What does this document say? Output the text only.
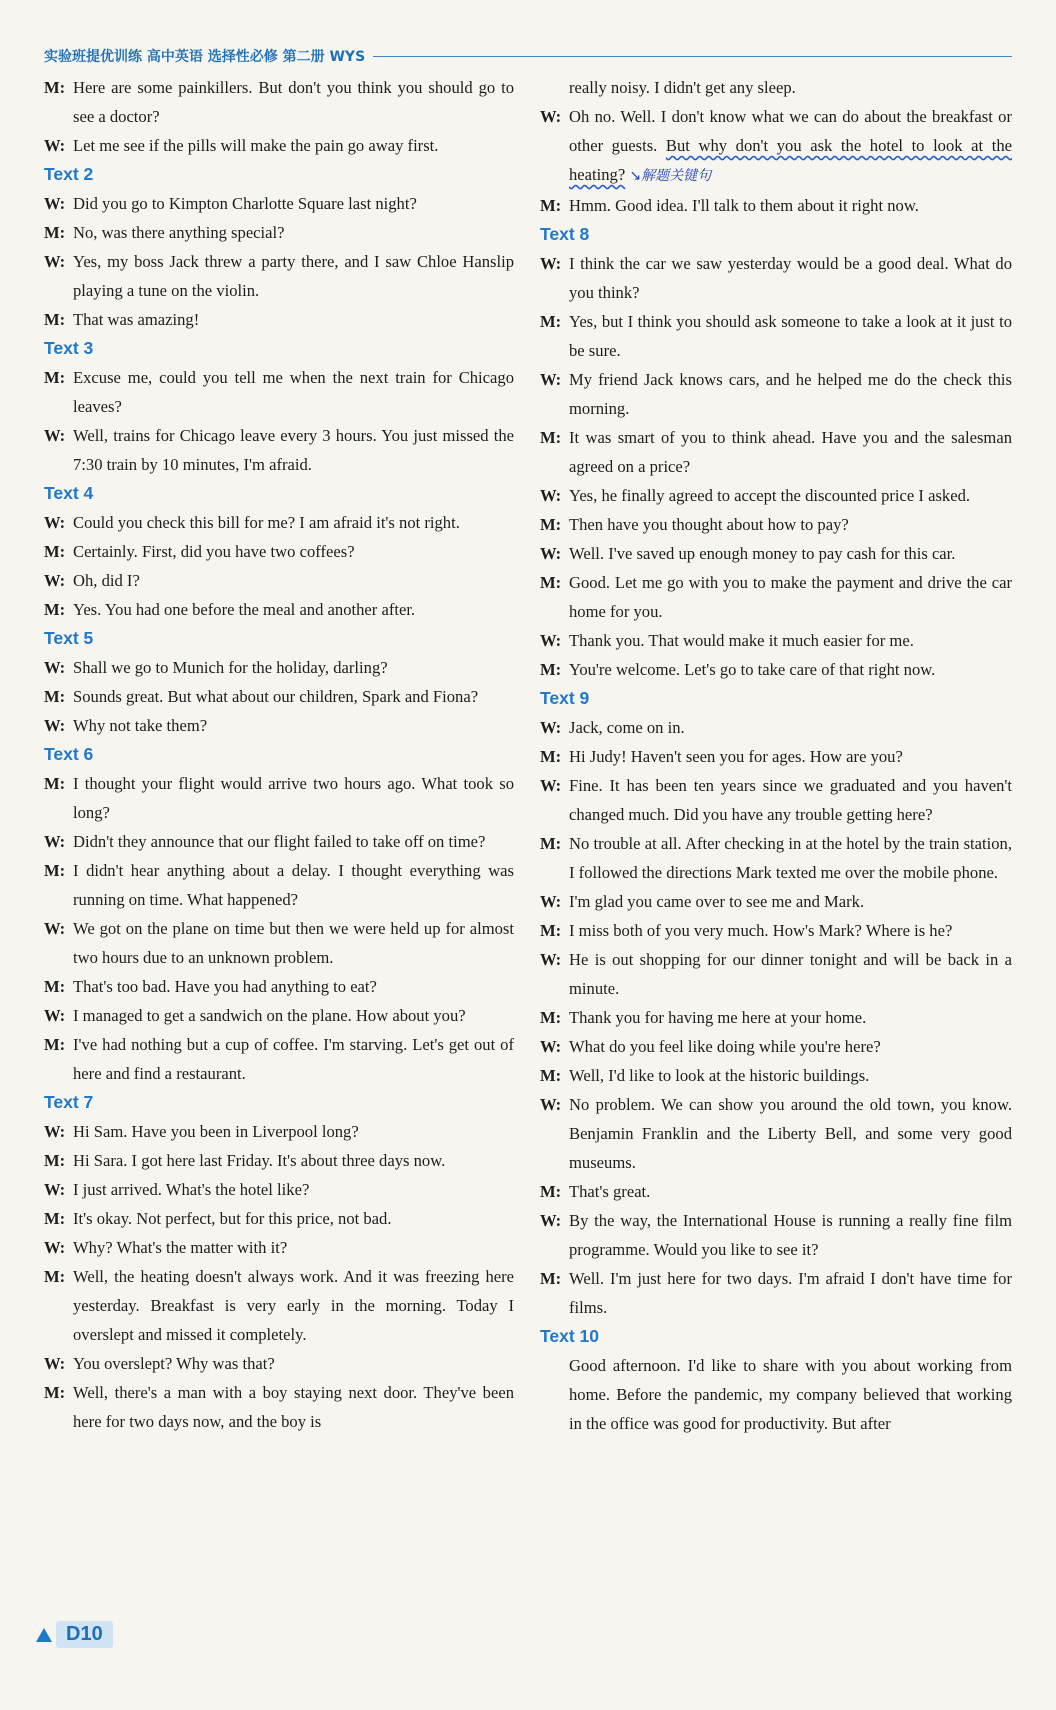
实验班提优训练 高中英语 选择性必修 第二册 WYS
M: Here are some painkillers. But don't you think you should go to see a doctor?
W: Let me see if the pills will make the pain go away first.
Text 2
W: Did you go to Kimpton Charlotte Square last night?
M: No, was there anything special?
W: Yes, my boss Jack threw a party there, and I saw Chloe Hanslip playing a tune on the violin.
M: That was amazing!
Text 3
M: Excuse me, could you tell me when the next train for Chicago leaves?
W: Well, trains for Chicago leave every 3 hours. You just missed the 7:30 train by 10 minutes, I'm afraid.
Text 4
W: Could you check this bill for me? I am afraid it's not right.
M: Certainly. First, did you have two coffees?
W: Oh, did I?
M: Yes. You had one before the meal and another after.
Text 5
W: Shall we go to Munich for the holiday, darling?
M: Sounds great. But what about our children, Spark and Fiona?
W: Why not take them?
Text 6
M: I thought your flight would arrive two hours ago. What took so long?
W: Didn't they announce that our flight failed to take off on time?
M: I didn't hear anything about a delay. I thought everything was running on time. What happened?
W: We got on the plane on time but then we were held up for almost two hours due to an unknown problem.
M: That's too bad. Have you had anything to eat?
W: I managed to get a sandwich on the plane. How about you?
M: I've had nothing but a cup of coffee. I'm starving. Let's get out of here and find a restaurant.
Text 7
W: Hi Sam. Have you been in Liverpool long?
M: Hi Sara. I got here last Friday. It's about three days now.
W: I just arrived. What's the hotel like?
M: It's okay. Not perfect, but for this price, not bad.
W: Why? What's the matter with it?
M: Well, the heating doesn't always work. And it was freezing here yesterday. Breakfast is very early in the morning. Today I overslept and missed it completely.
W: You overslept? Why was that?
M: Well, there's a man with a boy staying next door. They've been here for two days now, and the boy is
really noisy. I didn't get any sleep.
W: Oh no. Well. I don't know what we can do about the breakfast or other guests. But why don't you ask the hotel to look at the heating? ↘解题关键句
M: Hmm. Good idea. I'll talk to them about it right now.
Text 8
W: I think the car we saw yesterday would be a good deal. What do you think?
M: Yes, but I think you should ask someone to take a look at it just to be sure.
W: My friend Jack knows cars, and he helped me do the check this morning.
M: It was smart of you to think ahead. Have you and the salesman agreed on a price?
W: Yes, he finally agreed to accept the discounted price I asked.
M: Then have you thought about how to pay?
W: Well. I've saved up enough money to pay cash for this car.
M: Good. Let me go with you to make the payment and drive the car home for you.
W: Thank you. That would make it much easier for me.
M: You're welcome. Let's go to take care of that right now.
Text 9
W: Jack, come on in.
M: Hi Judy! Haven't seen you for ages. How are you?
W: Fine. It has been ten years since we graduated and you haven't changed much. Did you have any trouble getting here?
M: No trouble at all. After checking in at the hotel by the train station, I followed the directions Mark texted me over the mobile phone.
W: I'm glad you came over to see me and Mark.
M: I miss both of you very much. How's Mark? Where is he?
W: He is out shopping for our dinner tonight and will be back in a minute.
M: Thank you for having me here at your home.
W: What do you feel like doing while you're here?
M: Well, I'd like to look at the historic buildings.
W: No problem. We can show you around the old town, you know. Benjamin Franklin and the Liberty Bell, and some very good museums.
M: That's great.
W: By the way, the International House is running a really fine film programme. Would you like to see it?
M: Well. I'm just here for two days. I'm afraid I don't have time for films.
Text 10
Good afternoon. I'd like to share with you about working from home. Before the pandemic, my company believed that working in the office was good for productivity. But after
D10
